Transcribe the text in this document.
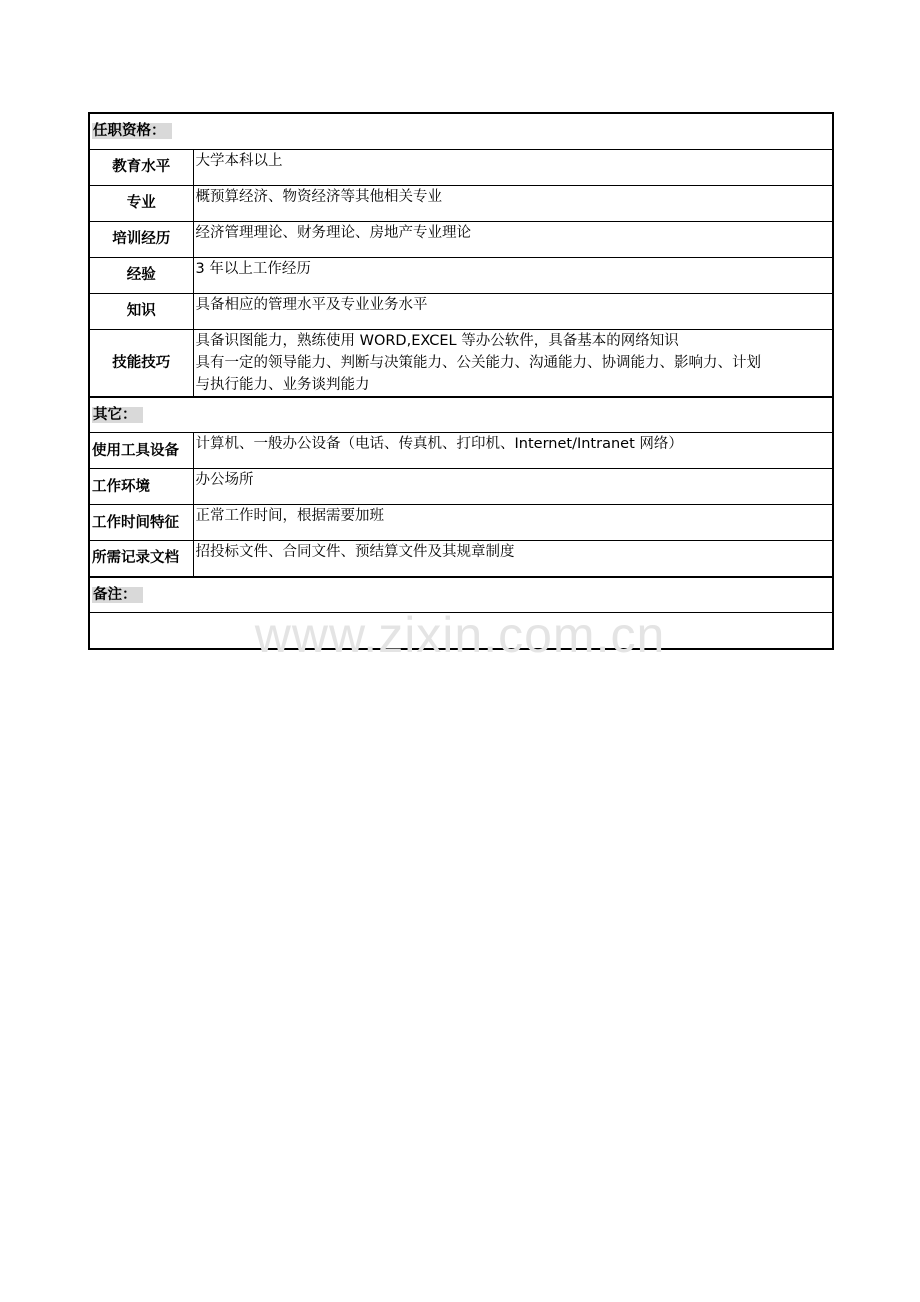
任职资格：	
教育水平	大学本科以上
专业	概预算经济、物资经济等其他相关专业
培训经历	经济管理理论、财务理论、房地产专业理论
经验	3 年以上工作经历
知识	具备相应的管理水平及专业业务水平
技能技巧	具备识图能力，熟练使用 WORD,EXCEL 等办公软件，具备基本的网络知识
具有一定的领导能力、判断与决策能力、公关能力、沟通能力、协调能力、影响力、计划
与执行能力、业务谈判能力

其它：	
使用工具设备	计算机、一般办公设备（电话、传真机、打印机、Internet/Intranet 网络）
工作环境	办公场所
工作时间特征	正常工作时间，根据需要加班
所需记录文档	招投标文件、合同文件、预结算文件及其规章制度
备注：	

www.zixin.com.cn
